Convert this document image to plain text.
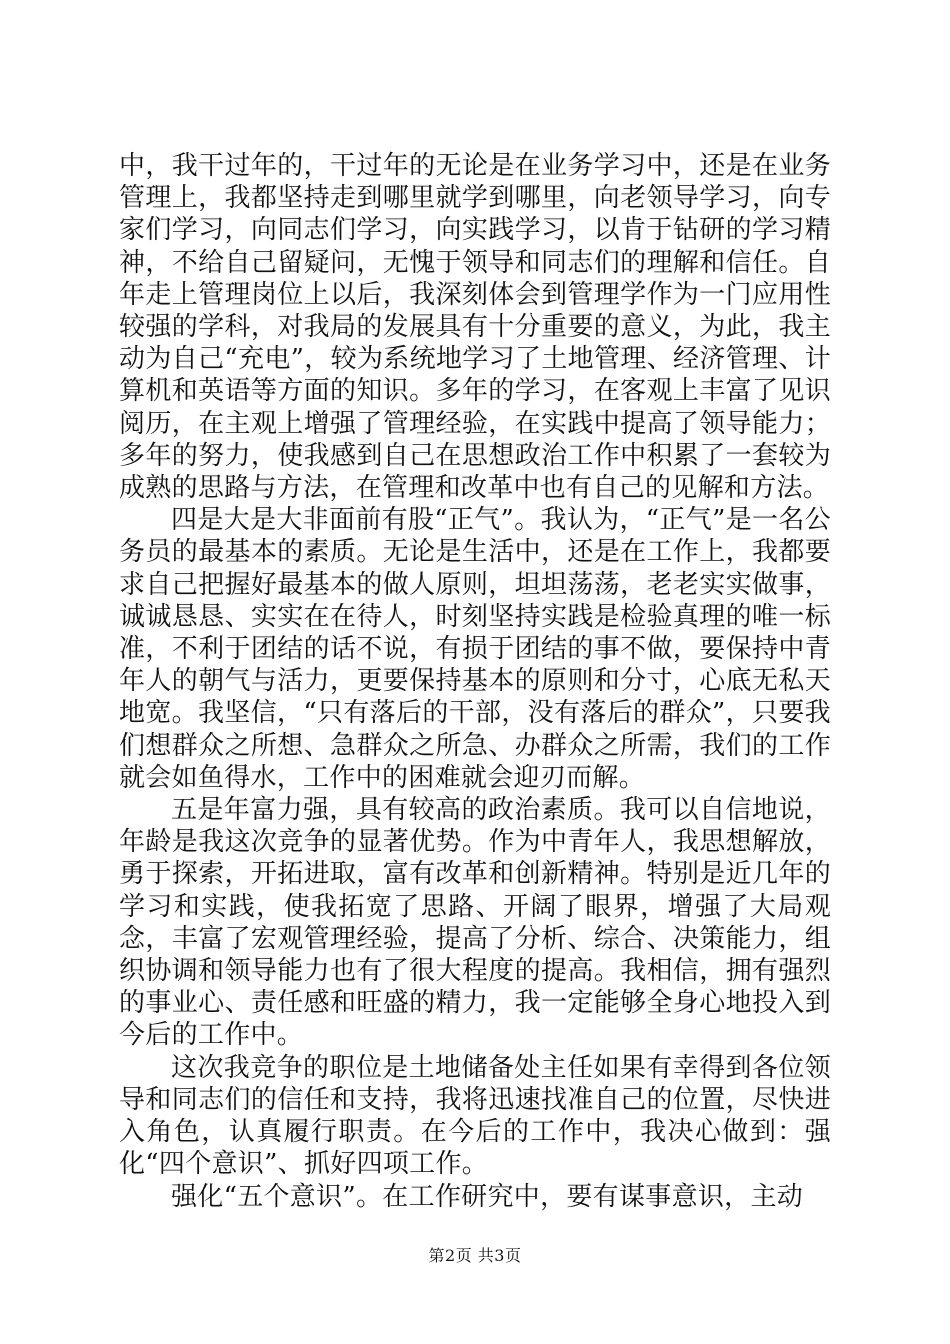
中，我干过年的，干过年的无论是在业务学习中，还是在业务管理上，我都坚持走到哪里就学到哪里，向老领导学习，向专家们学习，向同志们学习，向实践学习，以肯于钻研的学习精神，不给自己留疑问，无愧于领导和同志们的理解和信任。自年走上管理岗位上以后，我深刻体会到管理学作为一门应用性较强的学科，对我局的发展具有十分重要的意义，为此，我主动为自己“充电”，较为系统地学习了土地管理、经济管理、计算机和英语等方面的知识。多年的学习，在客观上丰富了见识阅历，在主观上增强了管理经验，在实践中提高了领导能力；多年的努力，使我感到自己在思想政治工作中积累了一套较为成熟的思路与方法，在管理和改革中也有自己的见解和方法。

四是大是大非面前有股“正气”。我认为，“正气”是一名公务员的最基本的素质。无论是生活中，还是在工作上，我都要求自己把握好最基本的做人原则，坦坦荡荡，老老实实做事，诚诚恳恳、实实在在待人，时刻坚持实践是检验真理的唯一标准，不利于团结的话不说，有损于团结的事不做，要保持中青年人的朝气与活力，更要保持基本的原则和分寸，心底无私天地宽。我坚信，“只有落后的干部，没有落后的群众”，只要我们想群众之所想、急群众之所急、办群众之所需，我们的工作就会如鱼得水，工作中的困难就会迎刃而解。

五是年富力强，具有较高的政治素质。我可以自信地说，年龄是我这次竞争的显著优势。作为中青年人，我思想解放，勇于探索，开拓进取，富有改革和创新精神。特别是近几年的学习和实践，使我拓宽了思路、开阔了眼界，增强了大局观念，丰富了宏观管理经验，提高了分析、综合、决策能力，组织协调和领导能力也有了很大程度的提高。我相信，拥有强烈的事业心、责任感和旺盛的精力，我一定能够全身心地投入到今后的工作中。

这次我竞争的职位是土地储备处主任如果有幸得到各位领导和同志们的信任和支持，我将迅速找准自己的位置，尽快进入角色，认真履行职责。在今后的工作中，我决心做到：强化“四个意识”、抓好四项工作。

强化“五个意识”。在工作研究中，要有谋事意识，主动

第2页 共3页
